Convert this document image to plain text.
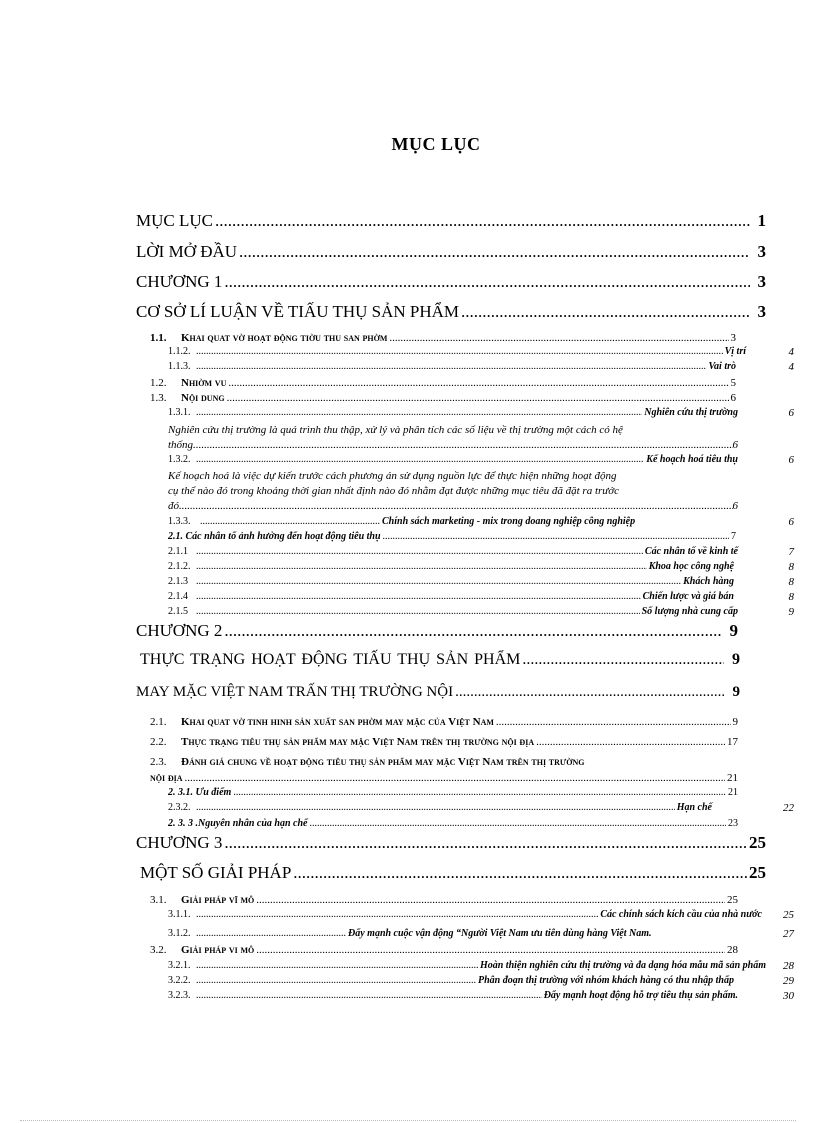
MỤC LỤC
MỤC LỤC .....	1
LỜI MỞ ĐẦU .....	3
CHƯƠNG 1 .....	3
CƠ SỞ LÍ LUẬN VỀ TIẤU THỤ SẢN PHẨM .....	3
1.1.	Khai quat vờ hoạt động tiờu thu san phờm .....	3
1.1.2. .....	Vị trí	4
1.1.3. .....	Vai trò	4
1.2.	Nhiờm vu .....	5
1.3.	Nội dung .....	6
1.3.1. .....	Nghiên cứu thị trường	6
Nghiên cứu thị trường là quá trình thu thập, xử lý và phân tích các số liệu về thị trường một cách có hệ
thống. .....	6
1.3.2. .....	Kế hoạch hoá tiêu thụ	6
Kế hoạch hoá là việc dự kiến trước cách phương án sử dụng nguồn lực để thực hiện những hoạt động
cụ thể nào đó trong khoảng thời gian nhất định nào đó nhằm đạt được những mục tiêu đã đặt ra trước
đó. .....	6
1.3.3. .....	Chính sách marketing - mix trong doang nghiệp công nghiệp	6
2.1. Các nhân tố ảnh hưởng đến hoạt động tiêu thụ .....	7
2.1.1 .....	Các nhân tố về kinh tế	7
2.1.2. .....	Khoa học công nghệ	8
2.1.3 .....	Khách hàng	8
2.1.4 .....	Chiến lược và giá bán	8
2.1.5 .....	Số lượng nhà cung cấp	9
CHƯƠNG 2 .....	9
THỰC TRẠNG HOẠT ĐỘNG TIẤU THỤ SẢN PHẨM .....	9
MAY MẶC VIỆT NAM TRẤN THỊ TRƯỜNG NỘI .....	9
2.1.	Khai quat vờ tinh hinh sản xuất san phờm may mặc của Việt Nam .....	9
2.2.	Thực trạng tiêu thụ sản phẩm may mặc Việt Nam trên thị trường nội địa .....	17
2.3.	Đánh giá chung về hoạt động tiêu thụ sản phẩm may mặc Việt Nam trên thị trường
nội địa .....	21
2. 3.1. Ưu điểm .....	21
2.3.2. .....	Hạn chế	22
2. 3. 3 .Nguyên nhân của hạn chế .....	23
CHƯƠNG 3 .....	25
MỘT SỐ GIẢI PHÁP .....	25
3.1.	Giải pháp vĩ mô .....	25
3.1.1. .....	Các chính sách kích cầu của nhà nước	25
3.1.2. .....	Đẩy mạnh cuộc vận động “Người Việt Nam ưu tiên dùng hàng Việt Nam.	27
3.2.	Giải pháp vi mô .....	28
3.2.1. .....	Hoàn thiện nghiên cứu thị trường và đa dạng hóa mẫu mã sản phẩm	28
3.2.2. .....	Phân đoạn thị trường với nhóm khách hàng có thu nhập thấp	29
3.2.3. .....	Đẩy mạnh hoạt động hỗ trợ tiêu thụ sản phẩm.	30
